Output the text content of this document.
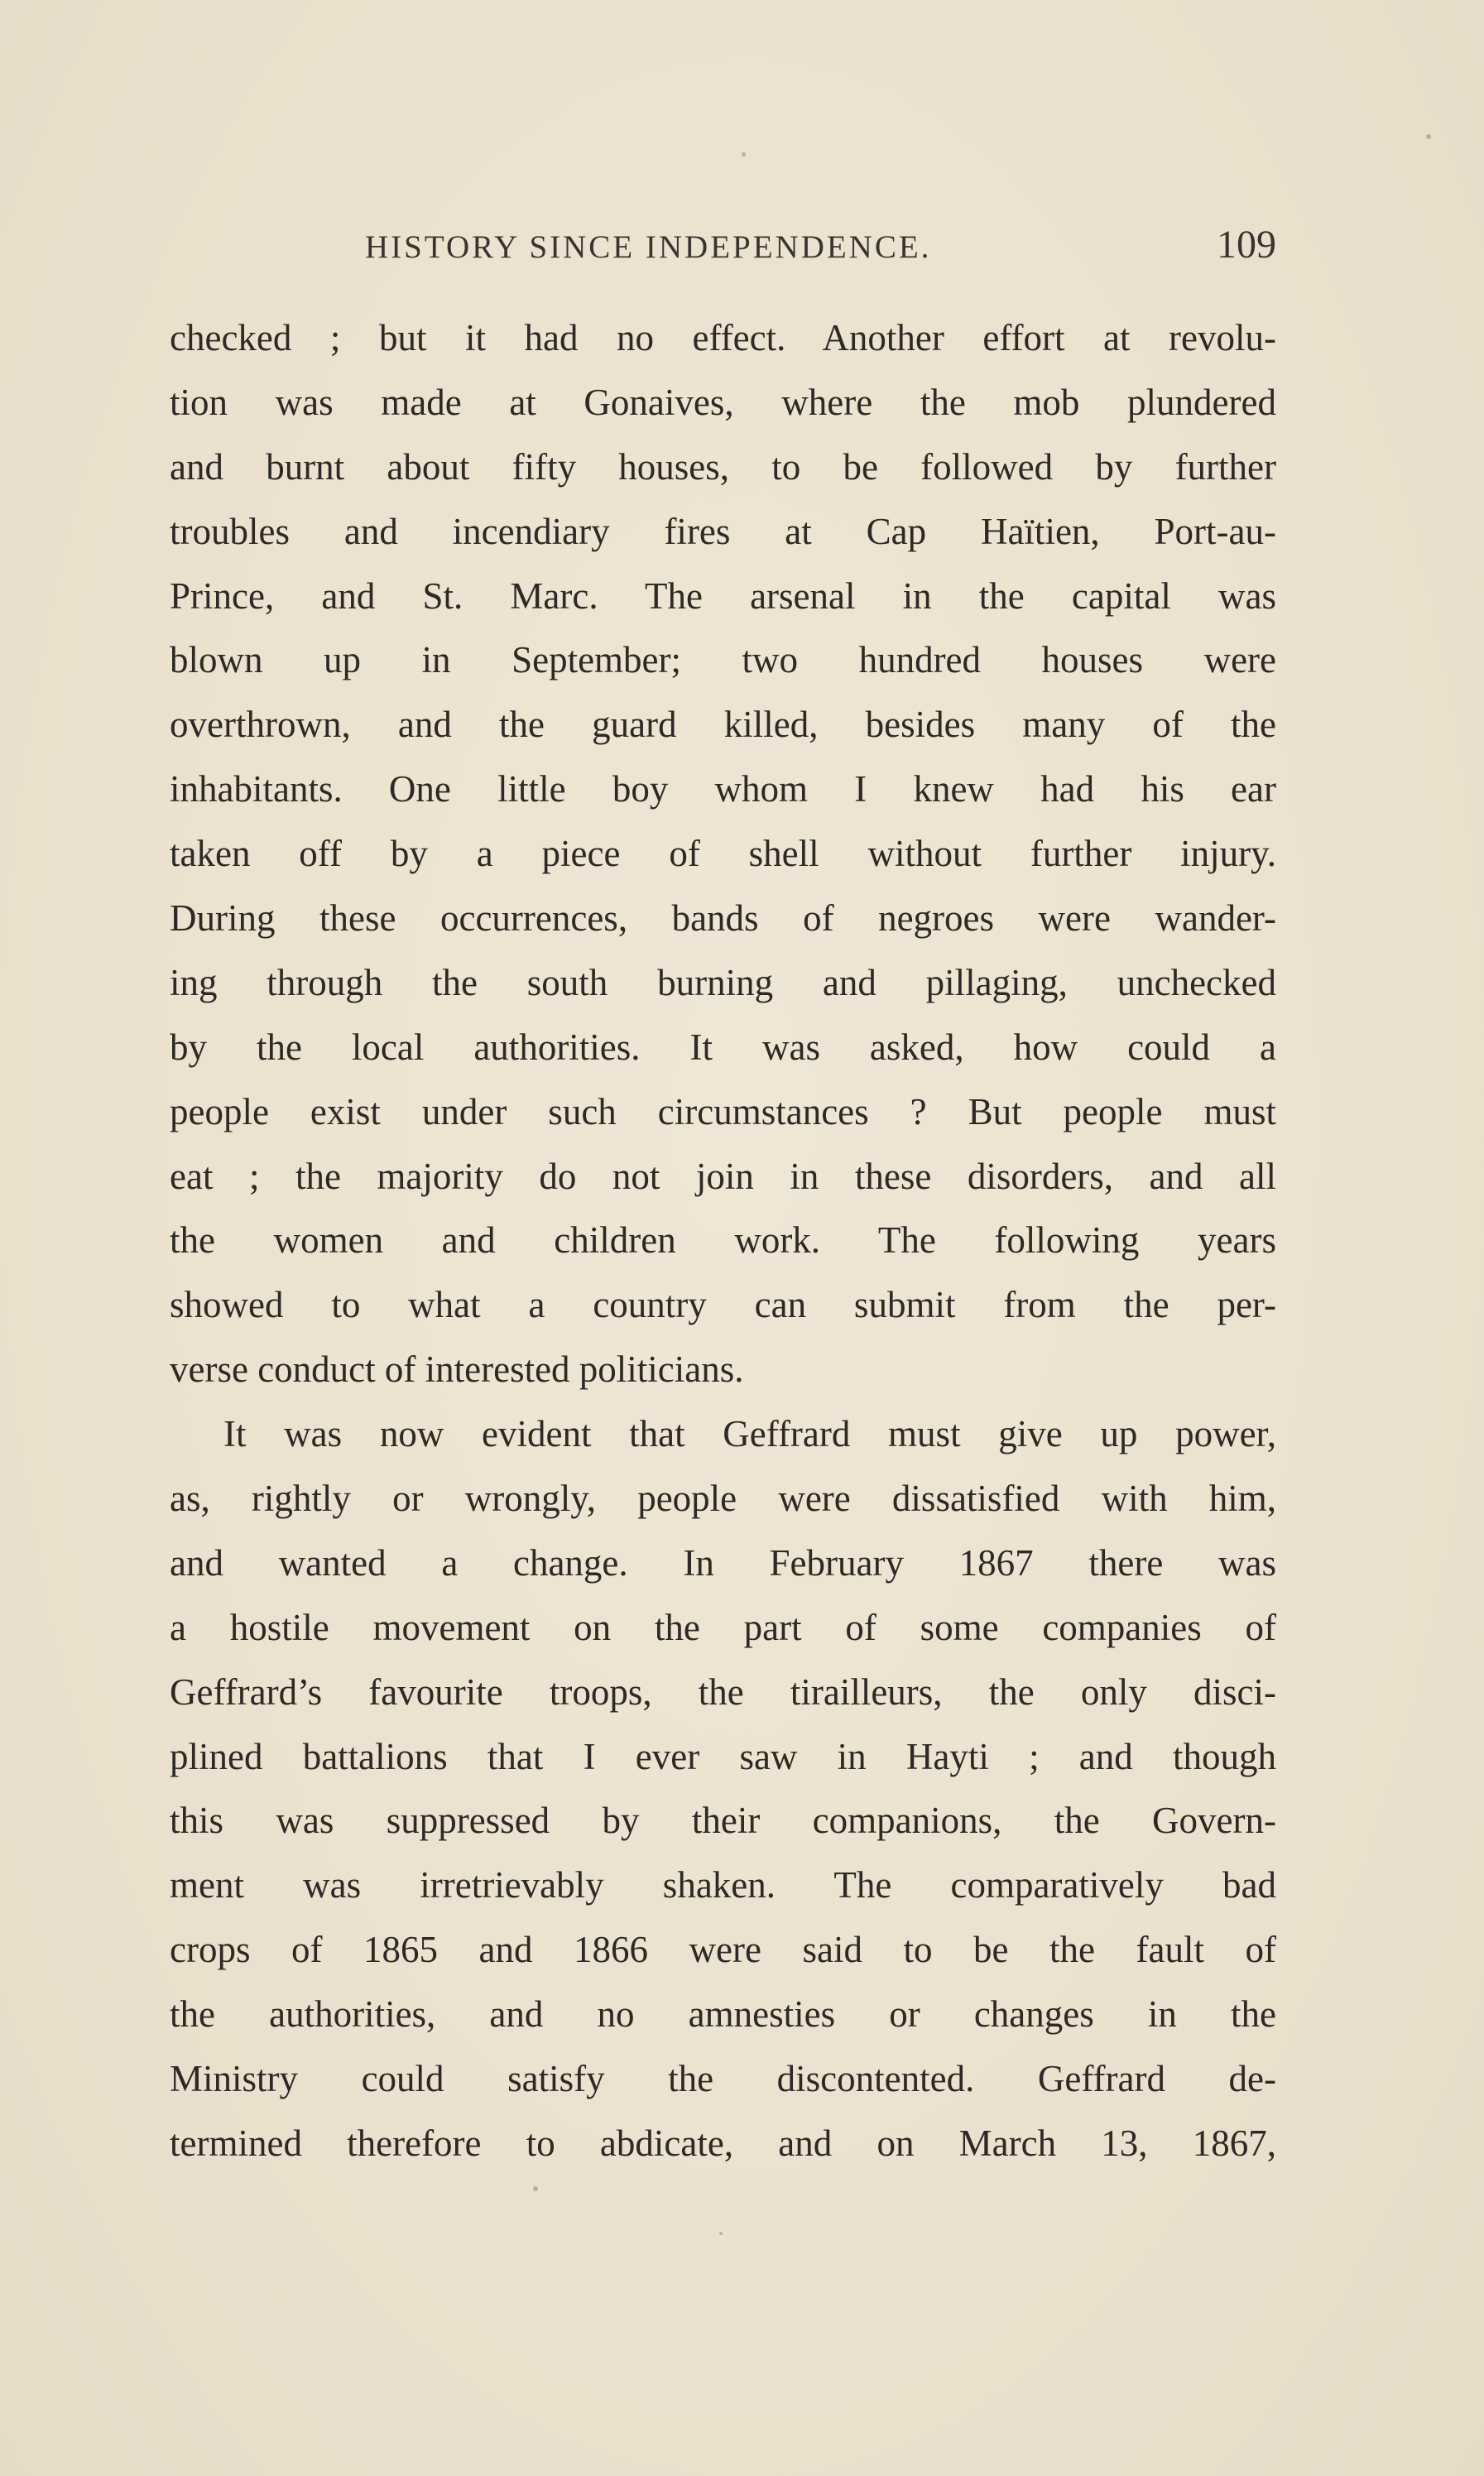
HISTORY SINCE INDEPENDENCE.	109
checked ; but it had no effect. Another effort at revolu-
tion was made at Gonaives, where the mob plundered
and burnt about fifty houses, to be followed by further
troubles and incendiary fires at Cap Haïtien, Port-au-
Prince, and St. Marc. The arsenal in the capital was
blown up in September; two hundred houses were
overthrown, and the guard killed, besides many of the
inhabitants. One little boy whom I knew had his ear
taken off by a piece of shell without further injury.
During these occurrences, bands of negroes were wander-
ing through the south burning and pillaging, unchecked
by the local authorities. It was asked, how could a
people exist under such circumstances ? But people must
eat ; the majority do not join in these disorders, and all
the women and children work. The following years
showed to what a country can submit from the per-
verse conduct of interested politicians.
It was now evident that Geffrard must give up power,
as, rightly or wrongly, people were dissatisfied with him,
and wanted a change. In February 1867 there was
a hostile movement on the part of some companies of
Geffrard’s favourite troops, the tirailleurs, the only disci-
plined battalions that I ever saw in Hayti ; and though
this was suppressed by their companions, the Govern-
ment was irretrievably shaken. The comparatively bad
crops of 1865 and 1866 were said to be the fault of
the authorities, and no amnesties or changes in the
Ministry could satisfy the discontented. Geffrard de-
termined therefore to abdicate, and on March 13, 1867,
